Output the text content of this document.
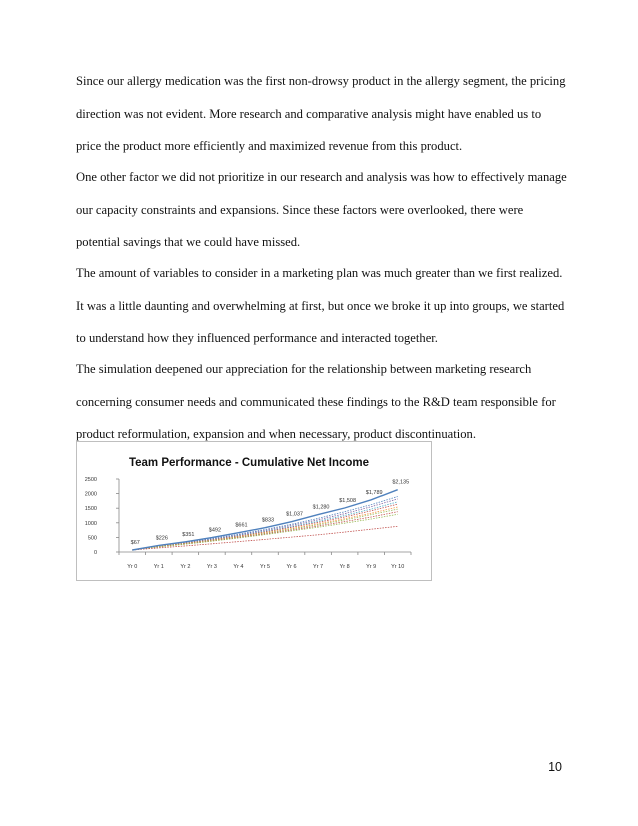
Since our allergy medication was the first non-drowsy product in the allergy segment, the pricing
direction was not evident. More research and comparative analysis might have enabled us to
price the product more efficiently and maximized revenue from this product.

One other factor we did not prioritize in our research and analysis was how to effectively manage
our capacity constraints and expansions. Since these factors were overlooked, there were
potential savings that we could have missed.

The amount of variables to consider in a marketing plan was much greater than we first realized.
It was a little daunting and overwhelming at first, but once we broke it up into groups, we started
to understand how they influenced performance and interacted together.

The simulation deepened our appreciation for the relationship between marketing research
concerning consumer needs and communicated these findings to the R&D team responsible for
product reformulation, expansion and when necessary, product discontinuation.

Team Performance - Cumulative Net Income
0
500
1000
1500
2000
2500
Yr 0	Yr 1	Yr 2	Yr 3	Yr 4	Yr 5	Yr 6	Yr 7	Yr 8	Yr 9	Yr 10
$67
$226
$351
$492
$661
$833
$1,037
$1,280
$1,508
$1,789
$2,135
10
